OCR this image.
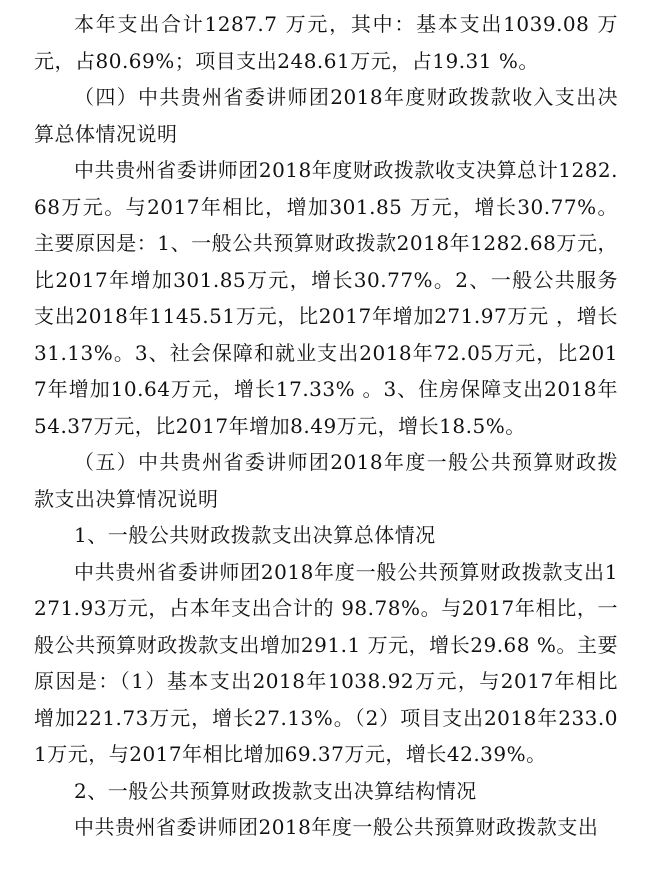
本年支出合计1287.7 万元，其中：基本支出1039.08 万元，占80.69%；项目支出248.61万元，占19.31 %。

（四）中共贵州省委讲师团2018年度财政拨款收入支出决算总体情况说明

中共贵州省委讲师团2018年度财政拨款收支决算总计1282.68万元。与2017年相比，增加301.85 万元，增长30.77%。主要原因是：1、一般公共预算财政拨款2018年1282.68万元，比2017年增加301.85万元，增长30.77%。2、一般公共服务支出2018年1145.51万元，比2017年增加271.97万元 ，增长31.13%。3、社会保障和就业支出2018年72.05万元，比2017年增加10.64万元，增长17.33% 。3、住房保障支出2018年54.37万元，比2017年增加8.49万元，增长18.5%。

（五）中共贵州省委讲师团2018年度一般公共预算财政拨款支出决算情况说明

1、一般公共财政拨款支出决算总体情况

中共贵州省委讲师团2018年度一般公共预算财政拨款支出1271.93万元，占本年支出合计的 98.78%。与2017年相比，一般公共预算财政拨款支出增加291.1 万元，增长29.68 %。主要原因是：（1）基本支出2018年1038.92万元，与2017年相比增加221.73万元，增长27.13%。（2）项目支出2018年233.01万元，与2017年相比增加69.37万元，增长42.39%。

2、一般公共预算财政拨款支出决算结构情况

中共贵州省委讲师团2018年度一般公共预算财政拨款支出
